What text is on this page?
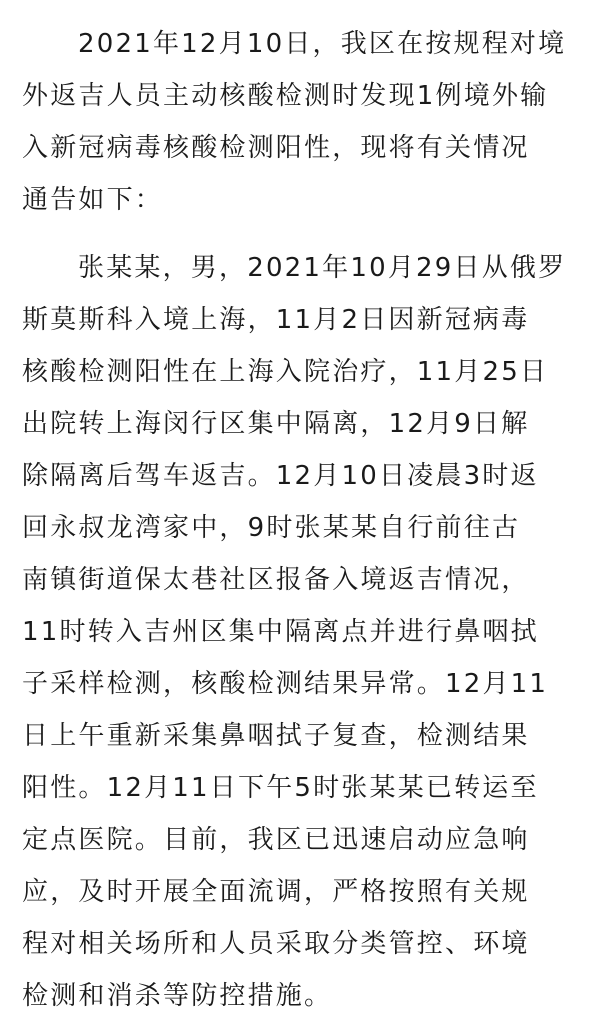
2021年12月10日，我区在按规程对境
外返吉人员主动核酸检测时发现1例境外输
入新冠病毒核酸检测阳性，现将有关情况
通告如下：
张某某，男，2021年10月29日从俄罗
斯莫斯科入境上海，11月2日因新冠病毒
核酸检测阳性在上海入院治疗，11月25日
出院转上海闵行区集中隔离，12月9日解
除隔离后驾车返吉。12月10日凌晨3时返
回永叔龙湾家中，9时张某某自行前往古
南镇街道保太巷社区报备入境返吉情况，
11时转入吉州区集中隔离点并进行鼻咽拭
子采样检测，核酸检测结果异常。12月11
日上午重新采集鼻咽拭子复查，检测结果
阳性。12月11日下午5时张某某已转运至
定点医院。目前，我区已迅速启动应急响
应，及时开展全面流调，严格按照有关规
程对相关场所和人员采取分类管控、环境
检测和消杀等防控措施。
